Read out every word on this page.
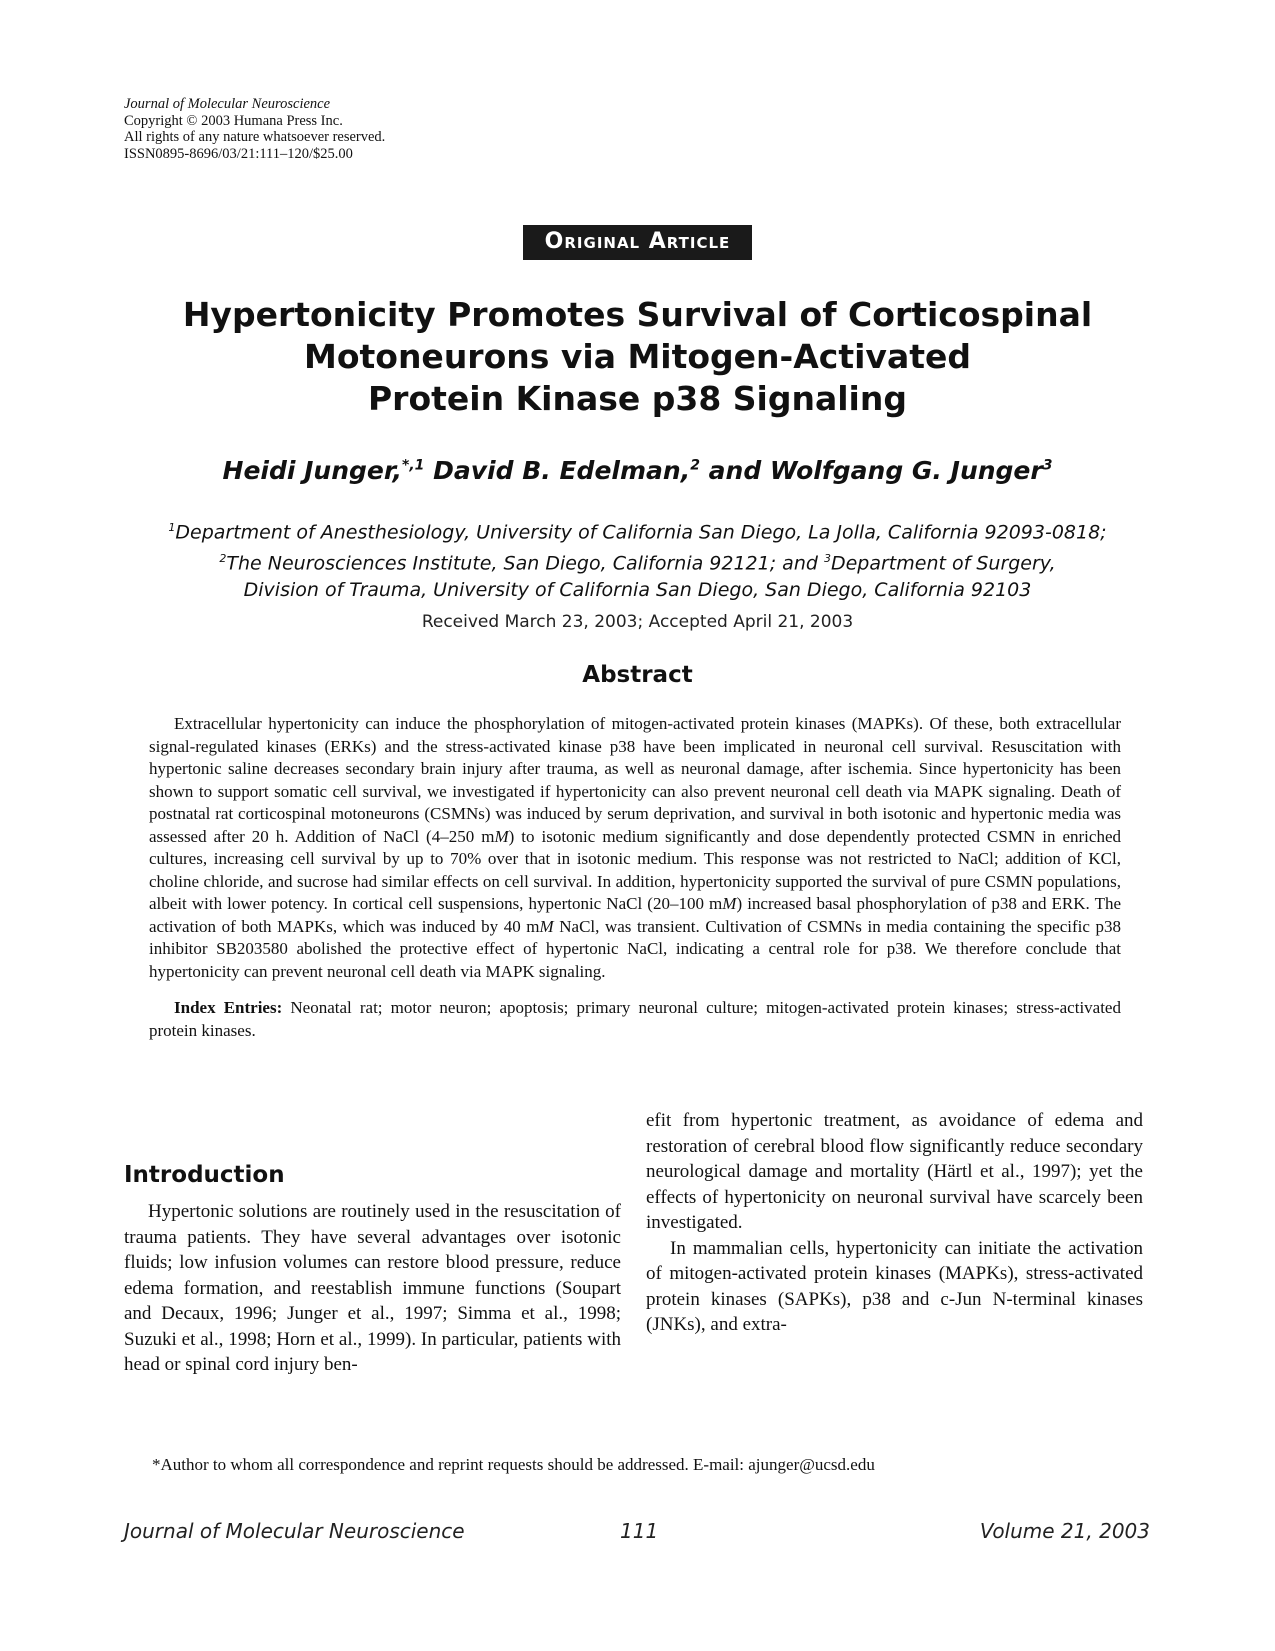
Journal of Molecular Neuroscience
Copyright © 2003 Humana Press Inc.
All rights of any nature whatsoever reserved.
ISSN0895-8696/03/21:111–120/$25.00
Original Article
Hypertonicity Promotes Survival of Corticospinal
Motoneurons via Mitogen-Activated
Protein Kinase p38 Signaling
Heidi Junger,$^{*,1}$ David B. Edelman,$^2$ and Wolfgang G. Junger$^3$
$^1$Department of Anesthesiology, University of California San Diego, La Jolla, California 92093-0818;
$^2$The Neurosciences Institute, San Diego, California 92121; and $^3$Department of Surgery,
Division of Trauma, University of California San Diego, San Diego, California 92103
Received March 23, 2003; Accepted April 21, 2003
Abstract

Extracellular hypertonicity can induce the phosphorylation of mitogen-activated protein kinases (MAPKs). Of these, both extracellular signal-regulated kinases (ERKs) and the stress-activated kinase p38 have been implicated in neuronal cell survival. Resuscitation with hypertonic saline decreases secondary brain injury after trauma, as well as neuronal damage, after ischemia. Since hypertonicity has been shown to support somatic cell survival, we investigated if hypertonicity can also prevent neuronal cell death via MAPK signaling. Death of postnatal rat corticospinal motoneurons (CSMNs) was induced by serum deprivation, and survival in both isotonic and hypertonic media was assessed after 20 h. Addition of NaCl (4–250 mM) to isotonic medium significantly and dose dependently protected CSMN in enriched cultures, increasing cell survival by up to 70% over that in isotonic medium. This response was not restricted to NaCl; addition of KCl, choline chloride, and sucrose had similar effects on cell survival. In addition, hypertonicity supported the survival of pure CSMN populations, albeit with lower potency. In cortical cell suspensions, hypertonic NaCl (20–100 mM) increased basal phosphorylation of p38 and ERK. The activation of both MAPKs, which was induced by 40 mM NaCl, was transient. Cultivation of CSMNs in media containing the specific p38 inhibitor SB203580 abolished the protective effect of hypertonic NaCl, indicating a central role for p38. We therefore conclude that hypertonicity can prevent neuronal cell death via MAPK signaling.

Index Entries: Neonatal rat; motor neuron; apoptosis; primary neuronal culture; mitogen-activated protein kinases; stress-activated protein kinases.

Introduction

Hypertonic solutions are routinely used in the resuscitation of trauma patients. They have several advantages over isotonic fluids; low infusion volumes can restore blood pressure, reduce edema formation, and reestablish immune functions (Soupart and Decaux, 1996; Junger et al., 1997; Simma et al., 1998; Suzuki et al., 1998; Horn et al., 1999). In particular, patients with head or spinal cord injury ben-

efit from hypertonic treatment, as avoidance of edema and restoration of cerebral blood flow significantly reduce secondary neurological damage and mortality (Härtl et al., 1997); yet the effects of hypertonicity on neuronal survival have scarcely been investigated.

In mammalian cells, hypertonicity can initiate the activation of mitogen-activated protein kinases (MAPKs), stress-activated protein kinases (SAPKs), p38 and c-Jun N-terminal kinases (JNKs), and extra-

*Author to whom all correspondence and reprint requests should be addressed. E-mail: ajunger@ucsd.edu
Journal of Molecular Neuroscience	111	Volume 21, 2003
